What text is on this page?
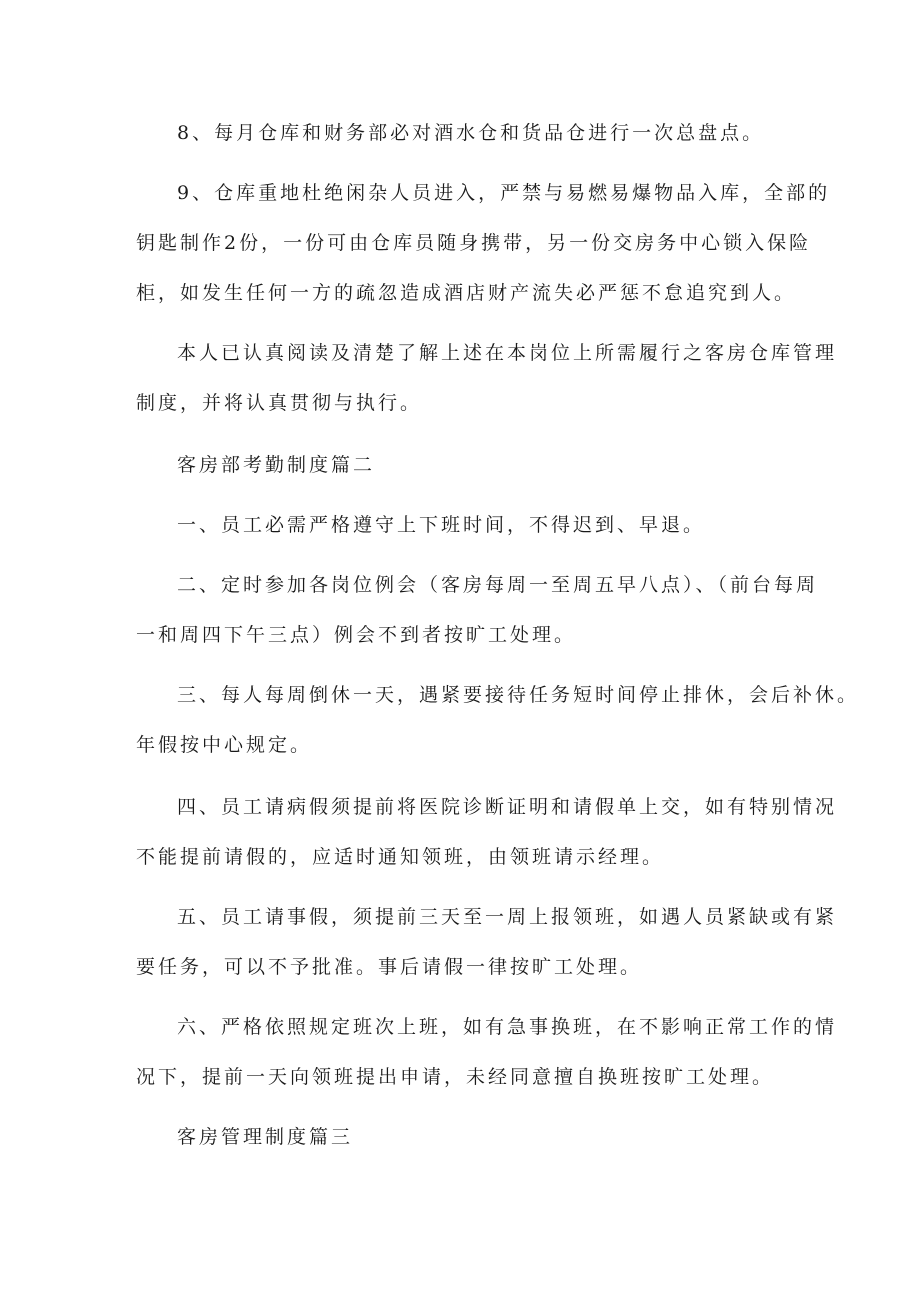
8、每月仓库和财务部必对酒水仓和货品仓进行一次总盘点。
9、仓库重地杜绝闲杂人员进入，严禁与易燃易爆物品入库，全部的
钥匙制作2份，一份可由仓库员随身携带，另一份交房务中心锁入保险
柜，如发生任何一方的疏忽造成酒店财产流失必严惩不怠追究到人。
本人已认真阅读及清楚了解上述在本岗位上所需履行之客房仓库管理
制度，并将认真贯彻与执行。
客房部考勤制度篇二
一、员工必需严格遵守上下班时间，不得迟到、早退。
二、定时参加各岗位例会（客房每周一至周五早八点）、（前台每周
一和周四下午三点）例会不到者按旷工处理。
三、每人每周倒休一天，遇紧要接待任务短时间停止排休，会后补休。
年假按中心规定。
四、员工请病假须提前将医院诊断证明和请假单上交，如有特别情况
不能提前请假的，应适时通知领班，由领班请示经理。
五、员工请事假，须提前三天至一周上报领班，如遇人员紧缺或有紧
要任务，可以不予批准。事后请假一律按旷工处理。
六、严格依照规定班次上班，如有急事换班，在不影响正常工作的情
况下，提前一天向领班提出申请，未经同意擅自换班按旷工处理。
客房管理制度篇三
